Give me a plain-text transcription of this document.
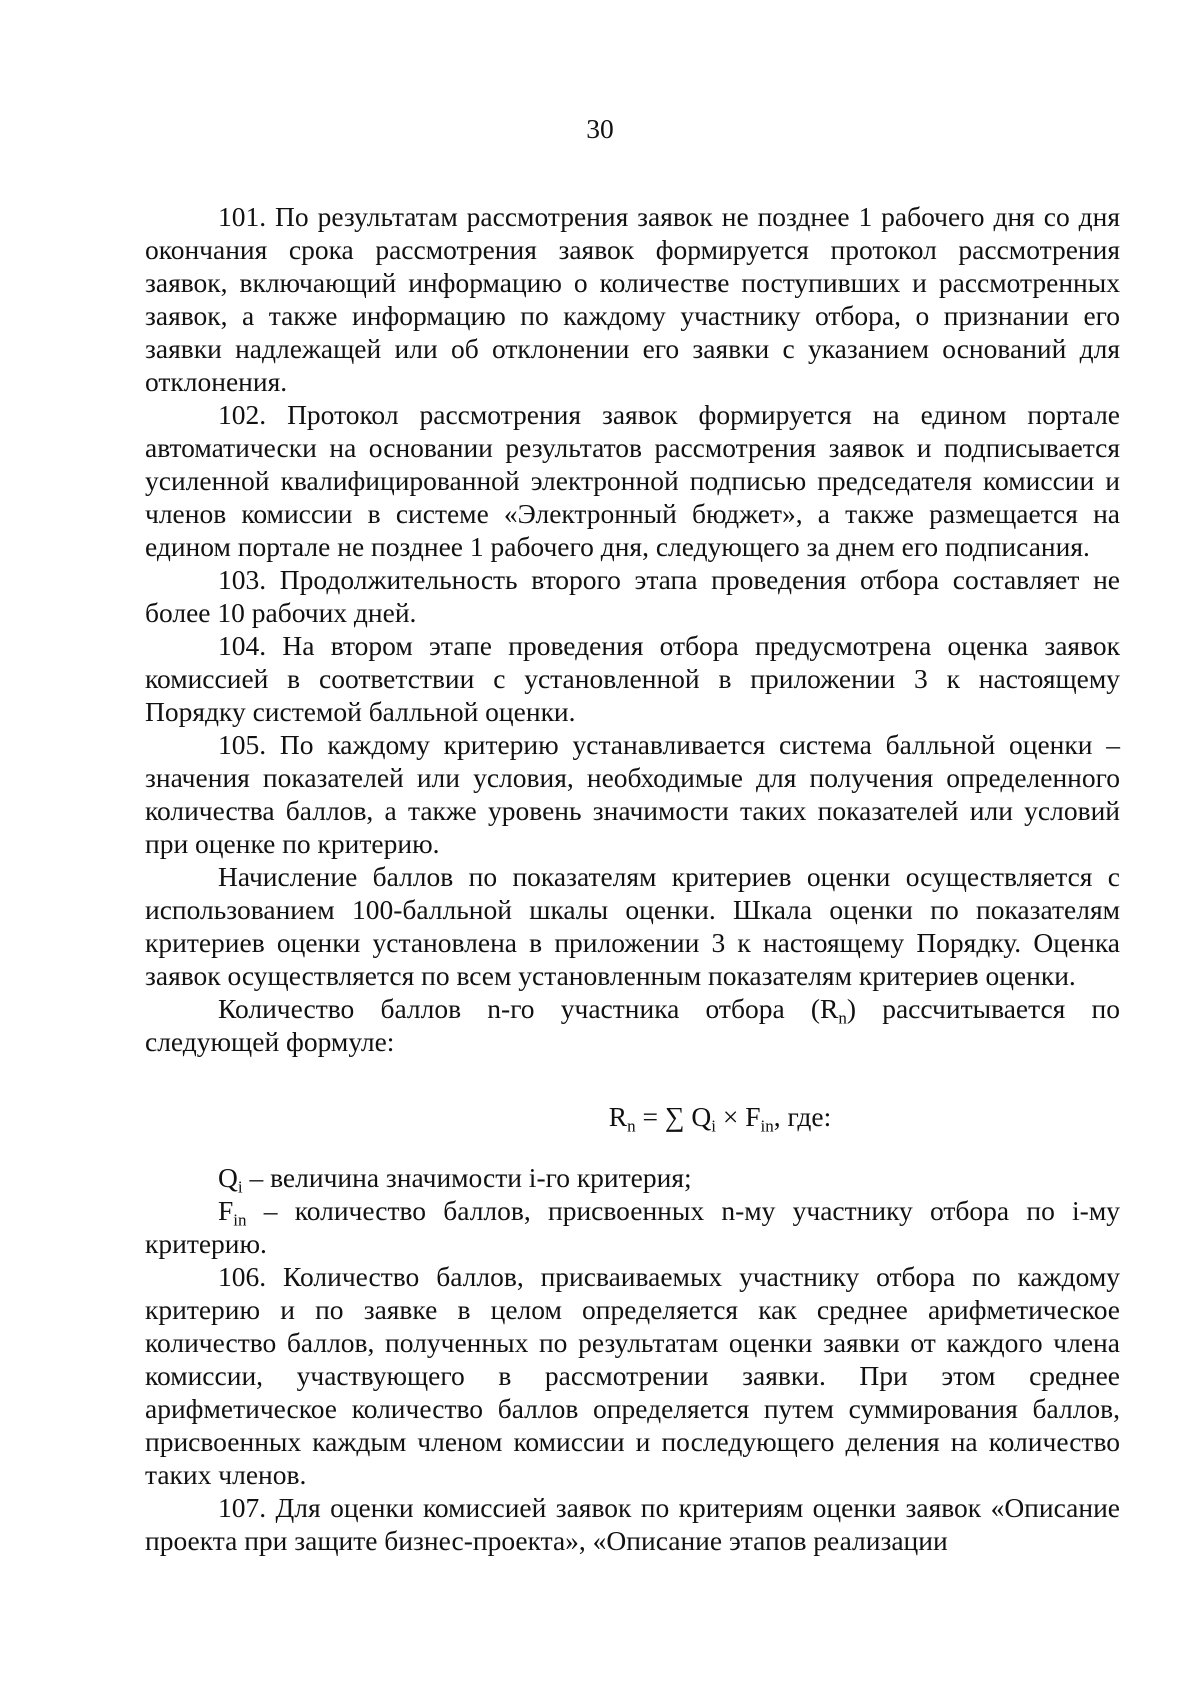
30

101. По результатам рассмотрения заявок не позднее 1 рабочего дня со дня окончания срока рассмотрения заявок формируется протокол рассмотрения заявок, включающий информацию о количестве поступивших и рассмотренных заявок, а также информацию по каждому участнику отбора, о признании его заявки надлежащей или об отклонении его заявки с указанием оснований для отклонения.

102. Протокол рассмотрения заявок формируется на едином портале автоматически на основании результатов рассмотрения заявок и подписывается усиленной квалифицированной электронной подписью председателя комиссии и членов комиссии в системе «Электронный бюджет», а также размещается на едином портале не позднее 1 рабочего дня, следующего за днем его подписания.

103. Продолжительность второго этапа проведения отбора составляет не более 10 рабочих дней.

104. На втором этапе проведения отбора предусмотрена оценка заявок комиссией в соответствии с установленной в приложении 3 к настоящему Порядку системой балльной оценки.

105. По каждому критерию устанавливается система балльной оценки – значения показателей или условия, необходимые для получения определенного количества баллов, а также уровень значимости таких показателей или условий при оценке по критерию.

Начисление баллов по показателям критериев оценки осуществляется с использованием 100-балльной шкалы оценки. Шкала оценки по показателям критериев оценки установлена в приложении 3 к настоящему Порядку. Оценка заявок осуществляется по всем установленным показателям критериев оценки.

Количество баллов n-го участника отбора $(R_n)$ рассчитывается по следующей формуле:

$R_n$ = ∑ $Q_i \times F_{in}$, где:

$Q_i$ – величина значимости i-го критерия;

$F_{in}$ – количество баллов, присвоенных n-му участнику отбора по i-му критерию.

106. Количество баллов, присваиваемых участнику отбора по каждому критерию и по заявке в целом определяется как среднее арифметическое количество баллов, полученных по результатам оценки заявки от каждого члена комиссии, участвующего в рассмотрении заявки. При этом среднее арифметическое количество баллов определяется путем суммирования баллов, присвоенных каждым членом комиссии и последующего деления на количество таких членов.

107. Для оценки комиссией заявок по критериям оценки заявок «Описание проекта при защите бизнес-проекта», «Описание этапов реализации
